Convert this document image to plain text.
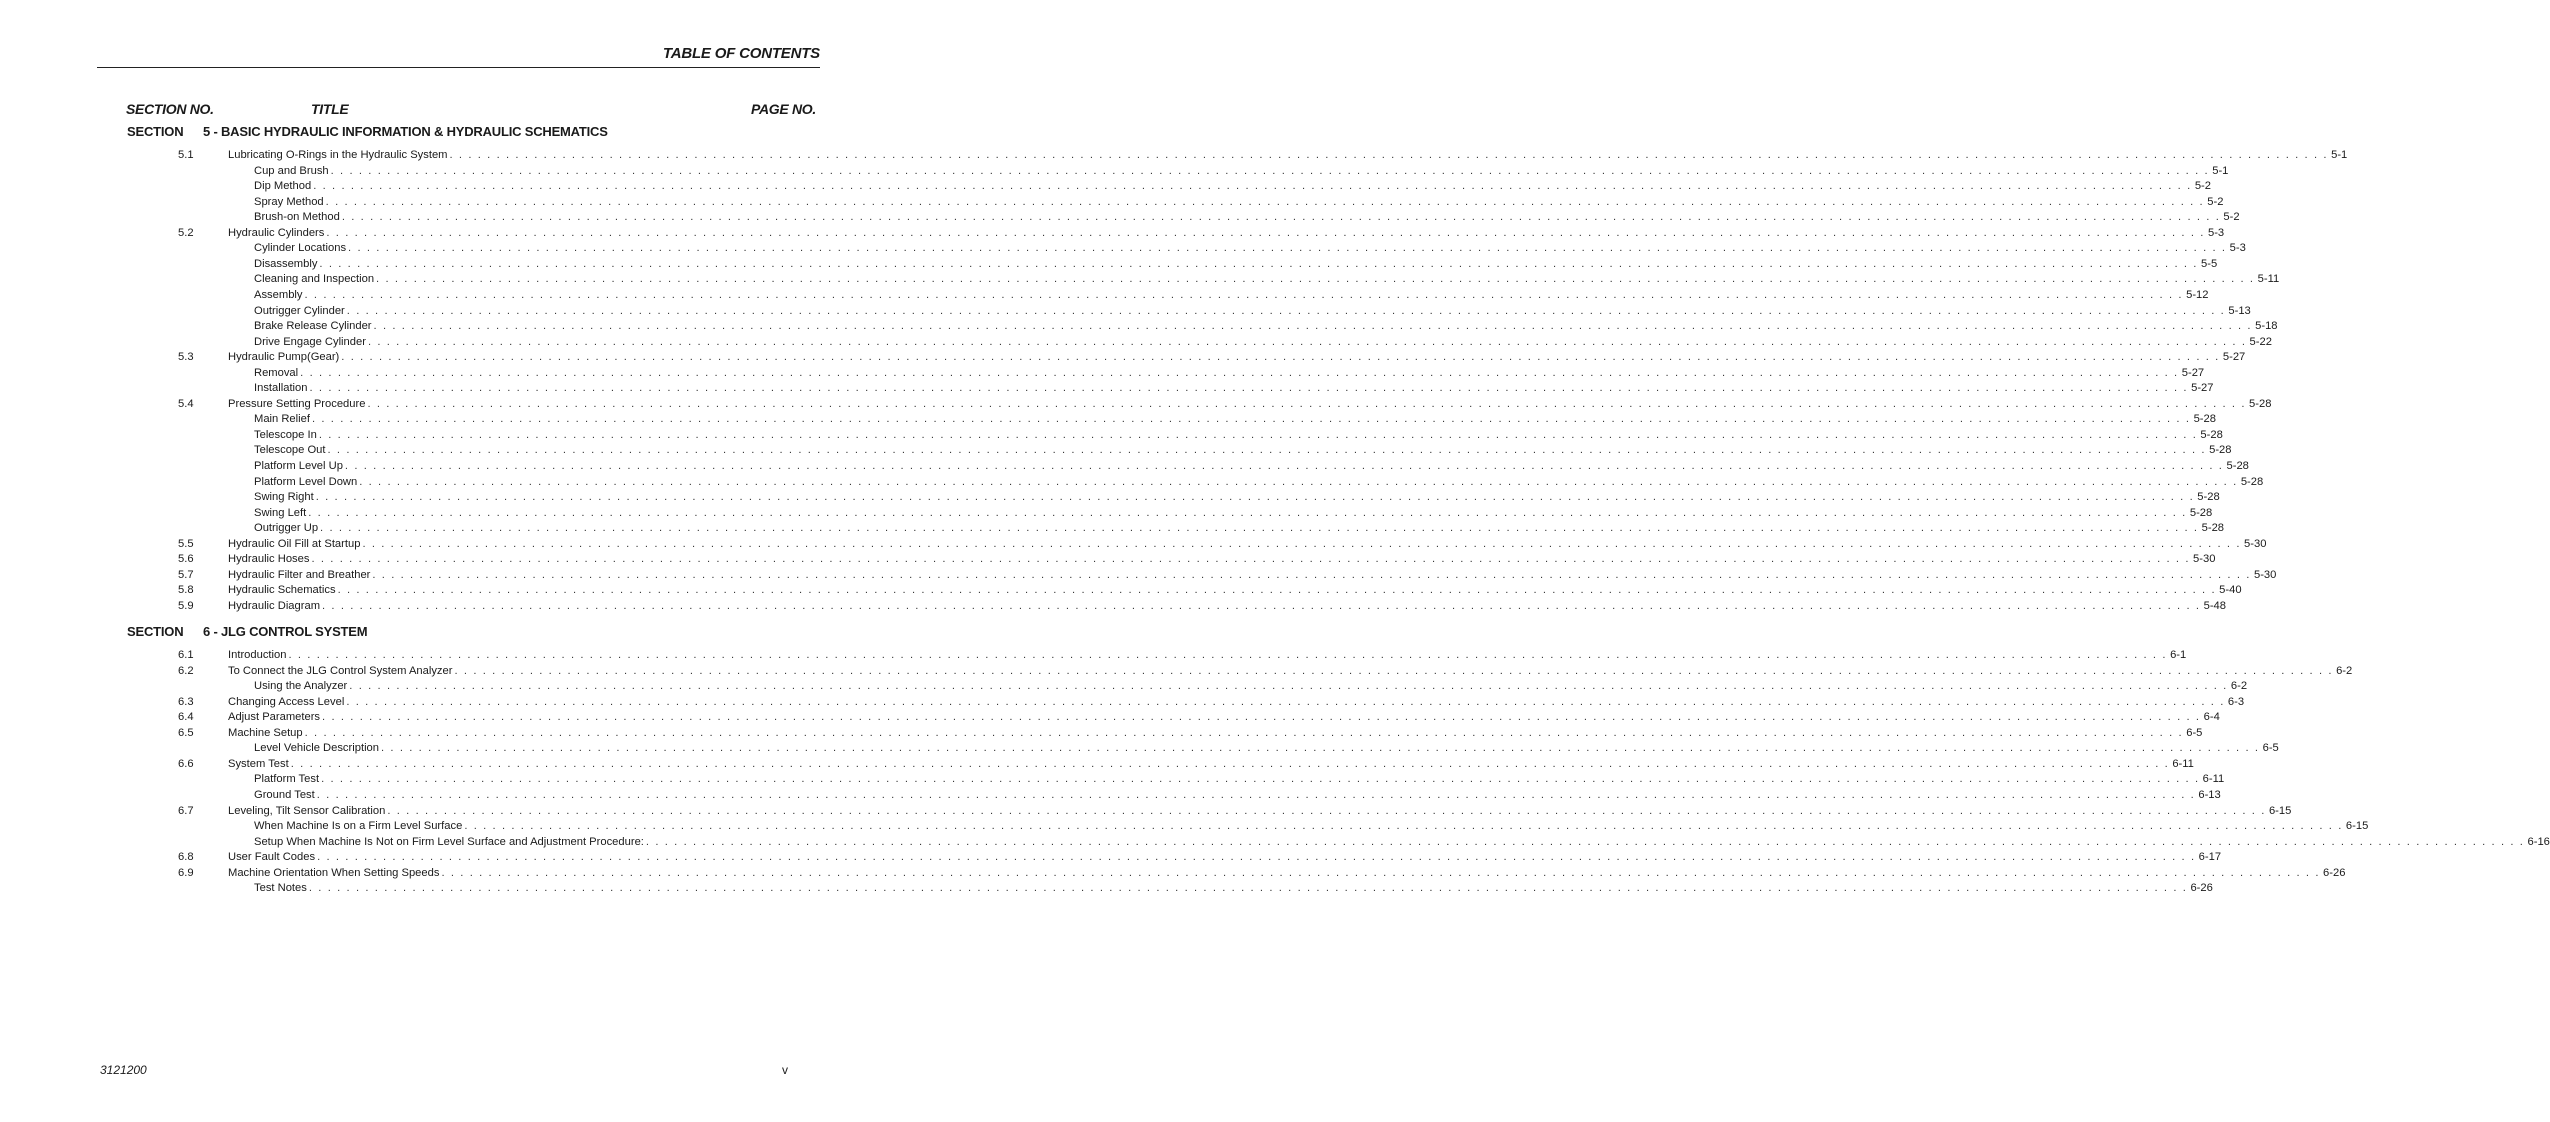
TABLE OF CONTENTS
SECTION NO.	TITLE	PAGE NO.
SECTION 5 - BASIC HYDRAULIC INFORMATION & HYDRAULIC SCHEMATICS
5.1	Lubricating O-Rings in the Hydraulic System . . . . . . . . . . . . . . . . . . . . . . . . . . . . . . . . . . . . . . . . . . . . . . . . . . . . . . . . . . . . . . . . . . . . . . . . . . . . . . . . . . . . . . . . . . . . . . . . . . . . . . . . . . . . . . . . . . . . . . . . . . . . . . . . . . . . . . . . . . . . . . . . . . . . . . . . . . . . . . . . . . . . . . . . . . . . . . . . . . . . . . . . . . . . . . . . . . . . . . . . 5-1
Cup and Brush . . . . . . . . . . . . . . . . . . . . . . . . . . . . . . . . . . . . . . . . . . . . . . . . . . . . . . . . . . . . . . . . . . . . . . . . . . . . . . . . . . . . . . . . . . . . . . . . . . . . . . . . . . . . . . . . . . . . . . . . . . . . . . . . . . . . . . . . . . . . . . . . . . . . . . . . . . . . . . . . . . . . . . . . . . . . . . . . . . . . . . . . . . . . . . . . . . . . . . . . 5-1
Dip Method . . . . . . . . . . . . . . . . . . . . . . . . . . . . . . . . . . . . . . . . . . . . . . . . . . . . . . . . . . . . . . . . . . . . . . . . . . . . . . . . . . . . . . . . . . . . . . . . . . . . . . . . . . . . . . . . . . . . . . . . . . . . . . . . . . . . . . . . . . . . . . . . . . . . . . . . . . . . . . . . . . . . . . . . . . . . . . . . . . . . . . . . . . . . . . . . . . . . . . . . 5-2
Spray Method . . . . . . . . . . . . . . . . . . . . . . . . . . . . . . . . . . . . . . . . . . . . . . . . . . . . . . . . . . . . . . . . . . . . . . . . . . . . . . . . . . . . . . . . . . . . . . . . . . . . . . . . . . . . . . . . . . . . . . . . . . . . . . . . . . . . . . . . . . . . . . . . . . . . . . . . . . . . . . . . . . . . . . . . . . . . . . . . . . . . . . . . . . . . . . . . . . . . . . . . 5-2
Brush-on Method . . . . . . . . . . . . . . . . . . . . . . . . . . . . . . . . . . . . . . . . . . . . . . . . . . . . . . . . . . . . . . . . . . . . . . . . . . . . . . . . . . . . . . . . . . . . . . . . . . . . . . . . . . . . . . . . . . . . . . . . . . . . . . . . . . . . . . . . . . . . . . . . . . . . . . . . . . . . . . . . . . . . . . . . . . . . . . . . . . . . . . . . . . . . . . . . . . . . . . . . 5-2
5.2	Hydraulic Cylinders . . . . . . . . . . . . . . . . . . . . . . . . . . . . . . . . . . . . . . . . . . . . . . . . . . . . . . . . . . . . . . . . . . . . . . . . . . . . . . . . . . . . . . . . . . . . . . . . . . . . . . . . . . . . . . . . . . . . . . . . . . . . . . . . . . . . . . . . . . . . . . . . . . . . . . . . . . . . . . . . . . . . . . . . . . . . . . . . . . . . . . . . . . . . . . . . . . . . . . . . 5-3
Cylinder Locations . . . . . . . . . . . . . . . . . . . . . . . . . . . . . . . . . . . . . . . . . . . . . . . . . . . . . . . . . . . . . . . . . . . . . . . . . . . . . . . . . . . . . . . . . . . . . . . . . . . . . . . . . . . . . . . . . . . . . . . . . . . . . . . . . . . . . . . . . . . . . . . . . . . . . . . . . . . . . . . . . . . . . . . . . . . . . . . . . . . . . . . . . . . . . . . . . . . . . . . . 5-3
Disassembly . . . . . . . . . . . . . . . . . . . . . . . . . . . . . . . . . . . . . . . . . . . . . . . . . . . . . . . . . . . . . . . . . . . . . . . . . . . . . . . . . . . . . . . . . . . . . . . . . . . . . . . . . . . . . . . . . . . . . . . . . . . . . . . . . . . . . . . . . . . . . . . . . . . . . . . . . . . . . . . . . . . . . . . . . . . . . . . . . . . . . . . . . . . . . . . . . . . . . . . . 5-5
Cleaning and Inspection . . . . . . . . . . . . . . . . . . . . . . . . . . . . . . . . . . . . . . . . . . . . . . . . . . . . . . . . . . . . . . . . . . . . . . . . . . . . . . . . . . . . . . . . . . . . . . . . . . . . . . . . . . . . . . . . . . . . . . . . . . . . . . . . . . . . . . . . . . . . . . . . . . . . . . . . . . . . . . . . . . . . . . . . . . . . . . . . . . . . . . . . . . . . . . . . . . . . . . . . 5-11
Assembly . . . . . . . . . . . . . . . . . . . . . . . . . . . . . . . . . . . . . . . . . . . . . . . . . . . . . . . . . . . . . . . . . . . . . . . . . . . . . . . . . . . . . . . . . . . . . . . . . . . . . . . . . . . . . . . . . . . . . . . . . . . . . . . . . . . . . . . . . . . . . . . . . . . . . . . . . . . . . . . . . . . . . . . . . . . . . . . . . . . . . . . . . . . . . . . . . . . . . . . . 5-12
Outrigger Cylinder . . . . . . . . . . . . . . . . . . . . . . . . . . . . . . . . . . . . . . . . . . . . . . . . . . . . . . . . . . . . . . . . . . . . . . . . . . . . . . . . . . . . . . . . . . . . . . . . . . . . . . . . . . . . . . . . . . . . . . . . . . . . . . . . . . . . . . . . . . . . . . . . . . . . . . . . . . . . . . . . . . . . . . . . . . . . . . . . . . . . . . . . . . . . . . . . . . . . . . . . 5-13
Brake Release Cylinder . . . . . . . . . . . . . . . . . . . . . . . . . . . . . . . . . . . . . . . . . . . . . . . . . . . . . . . . . . . . . . . . . . . . . . . . . . . . . . . . . . . . . . . . . . . . . . . . . . . . . . . . . . . . . . . . . . . . . . . . . . . . . . . . . . . . . . . . . . . . . . . . . . . . . . . . . . . . . . . . . . . . . . . . . . . . . . . . . . . . . . . . . . . . . . . . . . . . . . . . 5-18
Drive Engage Cylinder . . . . . . . . . . . . . . . . . . . . . . . . . . . . . . . . . . . . . . . . . . . . . . . . . . . . . . . . . . . . . . . . . . . . . . . . . . . . . . . . . . . . . . . . . . . . . . . . . . . . . . . . . . . . . . . . . . . . . . . . . . . . . . . . . . . . . . . . . . . . . . . . . . . . . . . . . . . . . . . . . . . . . . . . . . . . . . . . . . . . . . . . . . . . . . . . . . . . . . . . 5-22
5.3	Hydraulic Pump(Gear) . . . . . . . . . . . . . . . . . . . . . . . . . . . . . . . . . . . . . . . . . . . . . . . . . . . . . . . . . . . . . . . . . . . . . . . . . . . . . . . . . . . . . . . . . . . . . . . . . . . . . . . . . . . . . . . . . . . . . . . . . . . . . . . . . . . . . . . . . . . . . . . . . . . . . . . . . . . . . . . . . . . . . . . . . . . . . . . . . . . . . . . . . . . . . . . . . . . . . . . . 5-27
Removal . . . . . . . . . . . . . . . . . . . . . . . . . . . . . . . . . . . . . . . . . . . . . . . . . . . . . . . . . . . . . . . . . . . . . . . . . . . . . . . . . . . . . . . . . . . . . . . . . . . . . . . . . . . . . . . . . . . . . . . . . . . . . . . . . . . . . . . . . . . . . . . . . . . . . . . . . . . . . . . . . . . . . . . . . . . . . . . . . . . . . . . . . . . . . . . . . . . . . . . . 5-27
Installation . . . . . . . . . . . . . . . . . . . . . . . . . . . . . . . . . . . . . . . . . . . . . . . . . . . . . . . . . . . . . . . . . . . . . . . . . . . . . . . . . . . . . . . . . . . . . . . . . . . . . . . . . . . . . . . . . . . . . . . . . . . . . . . . . . . . . . . . . . . . . . . . . . . . . . . . . . . . . . . . . . . . . . . . . . . . . . . . . . . . . . . . . . . . . . . . . . . . . . . . 5-27
5.4	Pressure Setting Procedure . . . . . . . . . . . . . . . . . . . . . . . . . . . . . . . . . . . . . . . . . . . . . . . . . . . . . . . . . . . . . . . . . . . . . . . . . . . . . . . . . . . . . . . . . . . . . . . . . . . . . . . . . . . . . . . . . . . . . . . . . . . . . . . . . . . . . . . . . . . . . . . . . . . . . . . . . . . . . . . . . . . . . . . . . . . . . . . . . . . . . . . . . . . . . . . . . . . . . . . . 5-28
Main Relief . . . . . . . . . . . . . . . . . . . . . . . . . . . . . . . . . . . . . . . . . . . . . . . . . . . . . . . . . . . . . . . . . . . . . . . . . . . . . . . . . . . . . . . . . . . . . . . . . . . . . . . . . . . . . . . . . . . . . . . . . . . . . . . . . . . . . . . . . . . . . . . . . . . . . . . . . . . . . . . . . . . . . . . . . . . . . . . . . . . . . . . . . . . . . . . . . . . . . . . . 5-28
Telescope In . . . . . . . . . . . . . . . . . . . . . . . . . . . . . . . . . . . . . . . . . . . . . . . . . . . . . . . . . . . . . . . . . . . . . . . . . . . . . . . . . . . . . . . . . . . . . . . . . . . . . . . . . . . . . . . . . . . . . . . . . . . . . . . . . . . . . . . . . . . . . . . . . . . . . . . . . . . . . . . . . . . . . . . . . . . . . . . . . . . . . . . . . . . . . . . . . . . . . . . . 5-28
Telescope Out . . . . . . . . . . . . . . . . . . . . . . . . . . . . . . . . . . . . . . . . . . . . . . . . . . . . . . . . . . . . . . . . . . . . . . . . . . . . . . . . . . . . . . . . . . . . . . . . . . . . . . . . . . . . . . . . . . . . . . . . . . . . . . . . . . . . . . . . . . . . . . . . . . . . . . . . . . . . . . . . . . . . . . . . . . . . . . . . . . . . . . . . . . . . . . . . . . . . . . . . 5-28
Platform Level Up . . . . . . . . . . . . . . . . . . . . . . . . . . . . . . . . . . . . . . . . . . . . . . . . . . . . . . . . . . . . . . . . . . . . . . . . . . . . . . . . . . . . . . . . . . . . . . . . . . . . . . . . . . . . . . . . . . . . . . . . . . . . . . . . . . . . . . . . . . . . . . . . . . . . . . . . . . . . . . . . . . . . . . . . . . . . . . . . . . . . . . . . . . . . . . . . . . . . . . . . 5-28
Platform Level Down . . . . . . . . . . . . . . . . . . . . . . . . . . . . . . . . . . . . . . . . . . . . . . . . . . . . . . . . . . . . . . . . . . . . . . . . . . . . . . . . . . . . . . . . . . . . . . . . . . . . . . . . . . . . . . . . . . . . . . . . . . . . . . . . . . . . . . . . . . . . . . . . . . . . . . . . . . . . . . . . . . . . . . . . . . . . . . . . . . . . . . . . . . . . . . . . . . . . . . . . 5-28
Swing Right . . . . . . . . . . . . . . . . . . . . . . . . . . . . . . . . . . . . . . . . . . . . . . . . . . . . . . . . . . . . . . . . . . . . . . . . . . . . . . . . . . . . . . . . . . . . . . . . . . . . . . . . . . . . . . . . . . . . . . . . . . . . . . . . . . . . . . . . . . . . . . . . . . . . . . . . . . . . . . . . . . . . . . . . . . . . . . . . . . . . . . . . . . . . . . . . . . . . . . . . 5-28
Swing Left . . . . . . . . . . . . . . . . . . . . . . . . . . . . . . . . . . . . . . . . . . . . . . . . . . . . . . . . . . . . . . . . . . . . . . . . . . . . . . . . . . . . . . . . . . . . . . . . . . . . . . . . . . . . . . . . . . . . . . . . . . . . . . . . . . . . . . . . . . . . . . . . . . . . . . . . . . . . . . . . . . . . . . . . . . . . . . . . . . . . . . . . . . . . . . . . . . . . . . . . 5-28
Outrigger Up . . . . . . . . . . . . . . . . . . . . . . . . . . . . . . . . . . . . . . . . . . . . . . . . . . . . . . . . . . . . . . . . . . . . . . . . . . . . . . . . . . . . . . . . . . . . . . . . . . . . . . . . . . . . . . . . . . . . . . . . . . . . . . . . . . . . . . . . . . . . . . . . . . . . . . . . . . . . . . . . . . . . . . . . . . . . . . . . . . . . . . . . . . . . . . . . . . . . . . . . 5-28
5.5	Hydraulic Oil Fill at Startup . . . . . . . . . . . . . . . . . . . . . . . . . . . . . . . . . . . . . . . . . . . . . . . . . . . . . . . . . . . . . . . . . . . . . . . . . . . . . . . . . . . . . . . . . . . . . . . . . . . . . . . . . . . . . . . . . . . . . . . . . . . . . . . . . . . . . . . . . . . . . . . . . . . . . . . . . . . . . . . . . . . . . . . . . . . . . . . . . . . . . . . . . . . . . . . . . . . . . . . . 5-30
5.6	Hydraulic Hoses . . . . . . . . . . . . . . . . . . . . . . . . . . . . . . . . . . . . . . . . . . . . . . . . . . . . . . . . . . . . . . . . . . . . . . . . . . . . . . . . . . . . . . . . . . . . . . . . . . . . . . . . . . . . . . . . . . . . . . . . . . . . . . . . . . . . . . . . . . . . . . . . . . . . . . . . . . . . . . . . . . . . . . . . . . . . . . . . . . . . . . . . . . . . . . . . . . . . . . . . 5-30
5.7	Hydraulic Filter and Breather . . . . . . . . . . . . . . . . . . . . . . . . . . . . . . . . . . . . . . . . . . . . . . . . . . . . . . . . . . . . . . . . . . . . . . . . . . . . . . . . . . . . . . . . . . . . . . . . . . . . . . . . . . . . . . . . . . . . . . . . . . . . . . . . . . . . . . . . . . . . . . . . . . . . . . . . . . . . . . . . . . . . . . . . . . . . . . . . . . . . . . . . . . . . . . . . . . . . . . . . 5-30
5.8	Hydraulic Schematics . . . . . . . . . . . . . . . . . . . . . . . . . . . . . . . . . . . . . . . . . . . . . . . . . . . . . . . . . . . . . . . . . . . . . . . . . . . . . . . . . . . . . . . . . . . . . . . . . . . . . . . . . . . . . . . . . . . . . . . . . . . . . . . . . . . . . . . . . . . . . . . . . . . . . . . . . . . . . . . . . . . . . . . . . . . . . . . . . . . . . . . . . . . . . . . . . . . . . . . . 5-40
5.9	Hydraulic Diagram . . . . . . . . . . . . . . . . . . . . . . . . . . . . . . . . . . . . . . . . . . . . . . . . . . . . . . . . . . . . . . . . . . . . . . . . . . . . . . . . . . . . . . . . . . . . . . . . . . . . . . . . . . . . . . . . . . . . . . . . . . . . . . . . . . . . . . . . . . . . . . . . . . . . . . . . . . . . . . . . . . . . . . . . . . . . . . . . . . . . . . . . . . . . . . . . . . . . . . . . 5-48
SECTION 6 - JLG CONTROL SYSTEM
6.1	Introduction . . . . . . . . . . . . . . . . . . . . . . . . . . . . . . . . . . . . . . . . . . . . . . . . . . . . . . . . . . . . . . . . . . . . . . . . . . . . . . . . . . . . . . . . . . . . . . . . . . . . . . . . . . . . . . . . . . . . . . . . . . . . . . . . . . . . . . . . . . . . . . . . . . . . . . . . . . . . . . . . . . . . . . . . . . . . . . . . . . . . . . . . . . . . . . . . . . . . . . . . 6-1
6.2	To Connect the JLG Control System Analyzer . . . . . . . . . . . . . . . . . . . . . . . . . . . . . . . . . . . . . . . . . . . . . . . . . . . . . . . . . . . . . . . . . . . . . . . . . . . . . . . . . . . . . . . . . . . . . . . . . . . . . . . . . . . . . . . . . . . . . . . . . . . . . . . . . . . . . . . . . . . . . . . . . . . . . . . . . . . . . . . . . . . . . . . . . . . . . . . . . . . . . . . . . . . . . . . . . . . . . . . . 6-2
Using the Analyzer . . . . . . . . . . . . . . . . . . . . . . . . . . . . . . . . . . . . . . . . . . . . . . . . . . . . . . . . . . . . . . . . . . . . . . . . . . . . . . . . . . . . . . . . . . . . . . . . . . . . . . . . . . . . . . . . . . . . . . . . . . . . . . . . . . . . . . . . . . . . . . . . . . . . . . . . . . . . . . . . . . . . . . . . . . . . . . . . . . . . . . . . . . . . . . . . . . . . . . . . 6-2
6.3	Changing Access Level . . . . . . . . . . . . . . . . . . . . . . . . . . . . . . . . . . . . . . . . . . . . . . . . . . . . . . . . . . . . . . . . . . . . . . . . . . . . . . . . . . . . . . . . . . . . . . . . . . . . . . . . . . . . . . . . . . . . . . . . . . . . . . . . . . . . . . . . . . . . . . . . . . . . . . . . . . . . . . . . . . . . . . . . . . . . . . . . . . . . . . . . . . . . . . . . . . . . . . . . 6-3
6.4	Adjust Parameters . . . . . . . . . . . . . . . . . . . . . . . . . . . . . . . . . . . . . . . . . . . . . . . . . . . . . . . . . . . . . . . . . . . . . . . . . . . . . . . . . . . . . . . . . . . . . . . . . . . . . . . . . . . . . . . . . . . . . . . . . . . . . . . . . . . . . . . . . . . . . . . . . . . . . . . . . . . . . . . . . . . . . . . . . . . . . . . . . . . . . . . . . . . . . . . . . . . . . . . . 6-4
6.5	Machine Setup . . . . . . . . . . . . . . . . . . . . . . . . . . . . . . . . . . . . . . . . . . . . . . . . . . . . . . . . . . . . . . . . . . . . . . . . . . . . . . . . . . . . . . . . . . . . . . . . . . . . . . . . . . . . . . . . . . . . . . . . . . . . . . . . . . . . . . . . . . . . . . . . . . . . . . . . . . . . . . . . . . . . . . . . . . . . . . . . . . . . . . . . . . . . . . . . . . . . . . . . 6-5
Level Vehicle Description . . . . . . . . . . . . . . . . . . . . . . . . . . . . . . . . . . . . . . . . . . . . . . . . . . . . . . . . . . . . . . . . . . . . . . . . . . . . . . . . . . . . . . . . . . . . . . . . . . . . . . . . . . . . . . . . . . . . . . . . . . . . . . . . . . . . . . . . . . . . . . . . . . . . . . . . . . . . . . . . . . . . . . . . . . . . . . . . . . . . . . . . . . . . . . . . . . . . . . . . 6-5
6.6	System Test . . . . . . . . . . . . . . . . . . . . . . . . . . . . . . . . . . . . . . . . . . . . . . . . . . . . . . . . . . . . . . . . . . . . . . . . . . . . . . . . . . . . . . . . . . . . . . . . . . . . . . . . . . . . . . . . . . . . . . . . . . . . . . . . . . . . . . . . . . . . . . . . . . . . . . . . . . . . . . . . . . . . . . . . . . . . . . . . . . . . . . . . . . . . . . . . . . . . . . . . 6-11
Platform Test . . . . . . . . . . . . . . . . . . . . . . . . . . . . . . . . . . . . . . . . . . . . . . . . . . . . . . . . . . . . . . . . . . . . . . . . . . . . . . . . . . . . . . . . . . . . . . . . . . . . . . . . . . . . . . . . . . . . . . . . . . . . . . . . . . . . . . . . . . . . . . . . . . . . . . . . . . . . . . . . . . . . . . . . . . . . . . . . . . . . . . . . . . . . . . . . . . . . . . . . 6-11
Ground Test . . . . . . . . . . . . . . . . . . . . . . . . . . . . . . . . . . . . . . . . . . . . . . . . . . . . . . . . . . . . . . . . . . . . . . . . . . . . . . . . . . . . . . . . . . . . . . . . . . . . . . . . . . . . . . . . . . . . . . . . . . . . . . . . . . . . . . . . . . . . . . . . . . . . . . . . . . . . . . . . . . . . . . . . . . . . . . . . . . . . . . . . . . . . . . . . . . . . . . . . 6-13
6.7	Leveling, Tilt Sensor Calibration . . . . . . . . . . . . . . . . . . . . . . . . . . . . . . . . . . . . . . . . . . . . . . . . . . . . . . . . . . . . . . . . . . . . . . . . . . . . . . . . . . . . . . . . . . . . . . . . . . . . . . . . . . . . . . . . . . . . . . . . . . . . . . . . . . . . . . . . . . . . . . . . . . . . . . . . . . . . . . . . . . . . . . . . . . . . . . . . . . . . . . . . . . . . . . . . . . . . . . . . 6-15
When Machine Is on a Firm Level Surface . . . . . . . . . . . . . . . . . . . . . . . . . . . . . . . . . . . . . . . . . . . . . . . . . . . . . . . . . . . . . . . . . . . . . . . . . . . . . . . . . . . . . . . . . . . . . . . . . . . . . . . . . . . . . . . . . . . . . . . . . . . . . . . . . . . . . . . . . . . . . . . . . . . . . . . . . . . . . . . . . . . . . . . . . . . . . . . . . . . . . . . . . . . . . . . . . . . . . . . . 6-15
Setup When Machine Is Not on Firm Level Surface and Adjustment Procedure: . . . . . . . . . . . . . . . . . . . . . . . . . . . . . . . . . . . . . . . . . . . . . . . . . . . . . . . . . . . . . . . . . . . . . . . . . . . . . . . . . . . . . . . . . . . . . . . . . . . . . . . . . . . . . . . . . . . . . . . . . . . . . . . . . . . . . . . . . . . . . . . . . . . . . . . . . . . . . . . . . . . . . . . . . . . . . . . . . . . . . . . . . . . . . . . . . . . . . . . . 6-16
6.8	User Fault Codes . . . . . . . . . . . . . . . . . . . . . . . . . . . . . . . . . . . . . . . . . . . . . . . . . . . . . . . . . . . . . . . . . . . . . . . . . . . . . . . . . . . . . . . . . . . . . . . . . . . . . . . . . . . . . . . . . . . . . . . . . . . . . . . . . . . . . . . . . . . . . . . . . . . . . . . . . . . . . . . . . . . . . . . . . . . . . . . . . . . . . . . . . . . . . . . . . . . . . . . . 6-17
6.9	Machine Orientation When Setting Speeds . . . . . . . . . . . . . . . . . . . . . . . . . . . . . . . . . . . . . . . . . . . . . . . . . . . . . . . . . . . . . . . . . . . . . . . . . . . . . . . . . . . . . . . . . . . . . . . . . . . . . . . . . . . . . . . . . . . . . . . . . . . . . . . . . . . . . . . . . . . . . . . . . . . . . . . . . . . . . . . . . . . . . . . . . . . . . . . . . . . . . . . . . . . . . . . . . . . . . . . . 6-26
Test Notes . . . . . . . . . . . . . . . . . . . . . . . . . . . . . . . . . . . . . . . . . . . . . . . . . . . . . . . . . . . . . . . . . . . . . . . . . . . . . . . . . . . . . . . . . . . . . . . . . . . . . . . . . . . . . . . . . . . . . . . . . . . . . . . . . . . . . . . . . . . . . . . . . . . . . . . . . . . . . . . . . . . . . . . . . . . . . . . . . . . . . . . . . . . . . . . . . . . . . . . . 6-26
3121200	v
